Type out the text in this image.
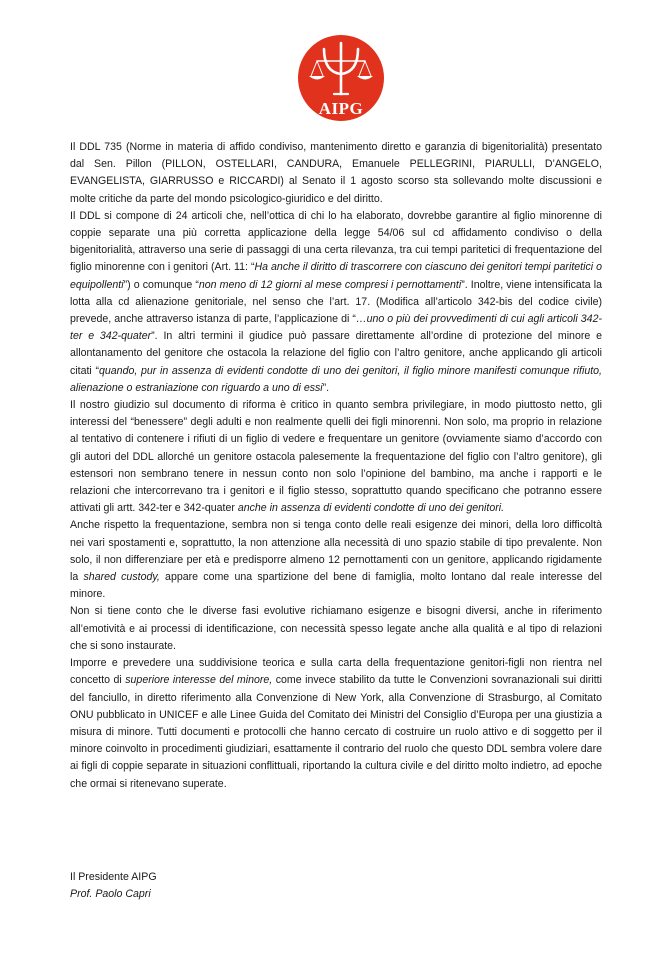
AIPG

Il DDL 735 (Norme in materia di affido condiviso, mantenimento diretto e garanzia di bigenitorialità) presentato dal Sen. Pillon (PILLON, OSTELLARI, CANDURA, Emanuele PELLEGRINI, PIARULLI, D’ANGELO, EVANGELISTA, GIARRUSSO e RICCARDI) al Senato il 1 agosto scorso sta sollevando molte discussioni e molte critiche da parte del mondo psicologico-giuridico e del diritto.

Il DDL si compone di 24 articoli che, nell’ottica di chi lo ha elaborato, dovrebbe garantire al figlio minorenne di coppie separate una più corretta applicazione della legge 54/06 sul cd affidamento condiviso o della bigenitorialità, attraverso una serie di passaggi di una certa rilevanza, tra cui tempi paritetici di frequentazione del figlio minorenne con i genitori (Art. 11: “Ha anche il diritto di trascorrere con ciascuno dei genitori tempi paritetici o equipollenti”) o comunque “non meno di 12 giorni al mese compresi i pernottamenti”. Inoltre, viene intensificata la lotta alla cd alienazione genitoriale, nel senso che l’art. 17. (Modifica all’articolo 342-bis del codice civile) prevede, anche attraverso istanza di parte, l’applicazione di “…uno o più dei provvedimenti di cui agli articoli 342-ter e 342-quater”. In altri termini il giudice può passare direttamente all’ordine di protezione del minore e allontanamento del genitore che ostacola la relazione del figlio con l’altro genitore, anche applicando gli articoli citati “quando, pur in assenza di evidenti condotte di uno dei genitori, il figlio minore manifesti comunque rifiuto, alienazione o estraniazione con riguardo a uno di essi”.

Il nostro giudizio sul documento di riforma è critico in quanto sembra privilegiare, in modo piuttosto netto, gli interessi del “benessere” degli adulti e non realmente quelli dei figli minorenni. Non solo, ma proprio in relazione al tentativo di contenere i rifiuti di un figlio di vedere e frequentare un genitore (ovviamente siamo d’accordo con gli autori del DDL allorché un genitore ostacola palesemente la frequentazione del figlio con l’altro genitore), gli estensori non sembrano tenere in nessun conto non solo l’opinione del bambino, ma anche i rapporti e le relazioni che intercorrevano tra i genitori e il figlio stesso, soprattutto quando specificano che potranno essere attivati gli artt. 342-ter e 342-quater anche in assenza di evidenti condotte di uno dei genitori.

Anche rispetto la frequentazione, sembra non si tenga conto delle reali esigenze dei minori, della loro difficoltà nei vari spostamenti e, soprattutto, la non attenzione alla necessità di uno spazio stabile di tipo prevalente. Non solo, il non differenziare per età e predisporre almeno 12 pernottamenti con un genitore, applicando rigidamente la shared custody, appare come una spartizione del bene di famiglia, molto lontano dal reale interesse del minore.

Non si tiene conto che le diverse fasi evolutive richiamano esigenze e bisogni diversi, anche in riferimento all’emotività e ai processi di identificazione, con necessità spesso legate anche alla qualità e al tipo di relazioni che si sono instaurate.

Imporre e prevedere una suddivisione teorica e sulla carta della frequentazione genitori-figli non rientra nel concetto di superiore interesse del minore, come invece stabilito da tutte le Convenzioni sovranazionali sui diritti del fanciullo, in diretto riferimento alla Convenzione di New York, alla Convenzione di Strasburgo, al Comitato ONU pubblicato in UNICEF e alle Linee Guida del Comitato dei Ministri del Consiglio d’Europa per una giustizia a misura di minore. Tutti documenti e protocolli che hanno cercato di costruire un ruolo attivo e di soggetto per il minore coinvolto in procedimenti giudiziari, esattamente il contrario del ruolo che questo DDL sembra volere dare ai figli di coppie separate in situazioni conflittuali, riportando la cultura civile e del diritto molto indietro, ad epoche che ormai si ritenevano superate.

Il Presidente AIPG

Prof. Paolo Capri
